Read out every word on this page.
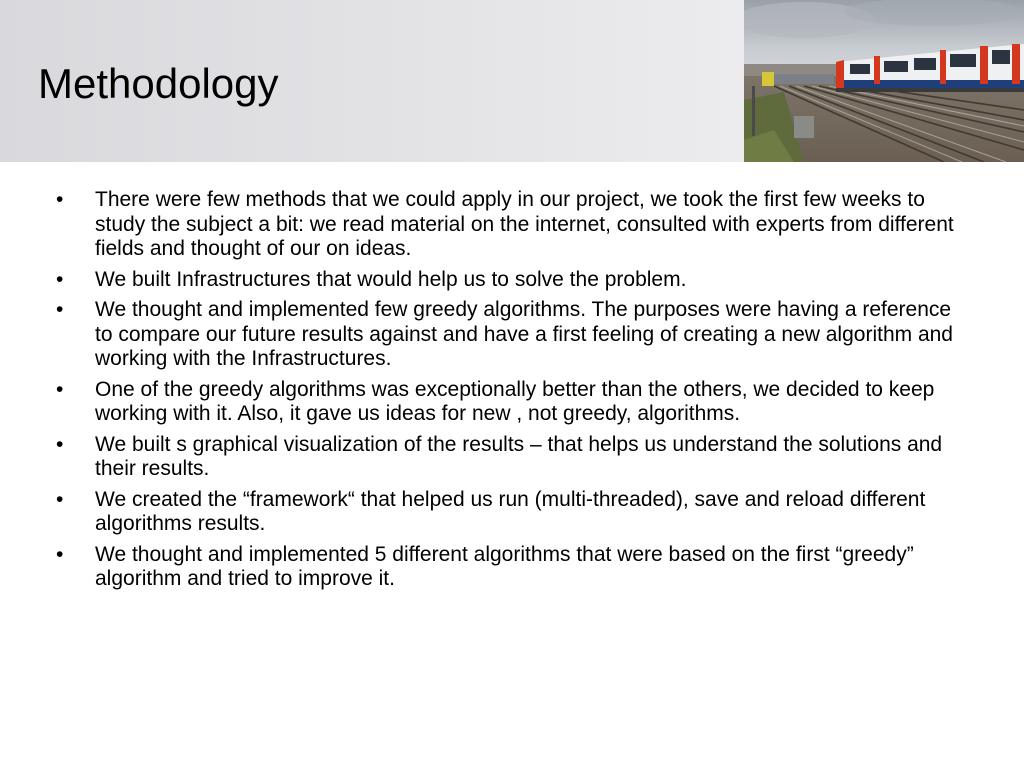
Methodology
• There were few methods that we could apply in our project, we took the first few weeks to study the subject a bit: we read material on the internet, consulted with experts from different fields and thought of our on ideas.
• We built Infrastructures that would help us to solve the problem.
• We thought and implemented few greedy algorithms. The purposes were having a reference to compare our future results against and have a first feeling of creating a new algorithm and working with the Infrastructures.
• One of the greedy algorithms was exceptionally better than the others, we decided to keep working with it. Also, it gave us ideas for new , not greedy, algorithms.
• We built s graphical visualization of the results – that helps us understand the solutions and their results.
• We created the “framework“ that helped us run (multi-threaded), save and reload different algorithms results.
• We thought and implemented 5 different algorithms that were based on the first “greedy” algorithm and tried to improve it.
